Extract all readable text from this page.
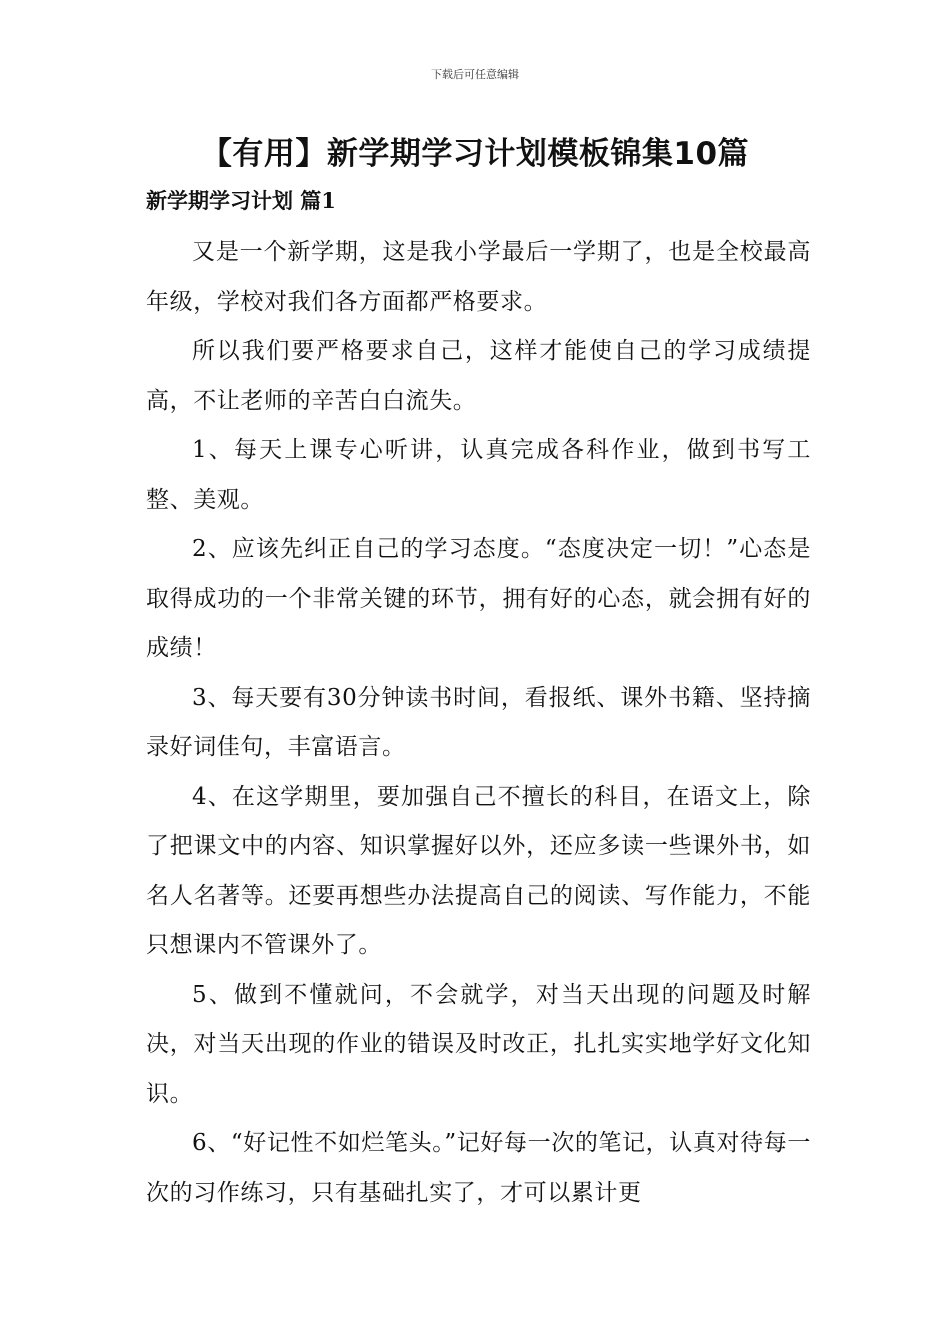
下载后可任意编辑
【有用】新学期学习计划模板锦集10篇
新学期学习计划 篇1

又是一个新学期，这是我小学最后一学期了，也是全校最高年级，学校对我们各方面都严格要求。

所以我们要严格要求自己，这样才能使自己的学习成绩提高，不让老师的辛苦白白流失。

1、每天上课专心听讲，认真完成各科作业，做到书写工整、美观。

2、应该先纠正自己的学习态度。“态度决定一切！”心态是取得成功的一个非常关键的环节，拥有好的心态，就会拥有好的成绩！

3、每天要有30分钟读书时间，看报纸、课外书籍、坚持摘录好词佳句，丰富语言。

4、在这学期里，要加强自己不擅长的科目，在语文上，除了把课文中的内容、知识掌握好以外，还应多读一些课外书，如名人名著等。还要再想些办法提高自己的阅读、写作能力，不能只想课内不管课外了。

5、做到不懂就问，不会就学，对当天出现的问题及时解决，对当天出现的作业的错误及时改正，扎扎实实地学好文化知识。

6、“好记性不如烂笔头。”记好每一次的笔记，认真对待每一次的习作练习，只有基础扎实了，才可以累计更
